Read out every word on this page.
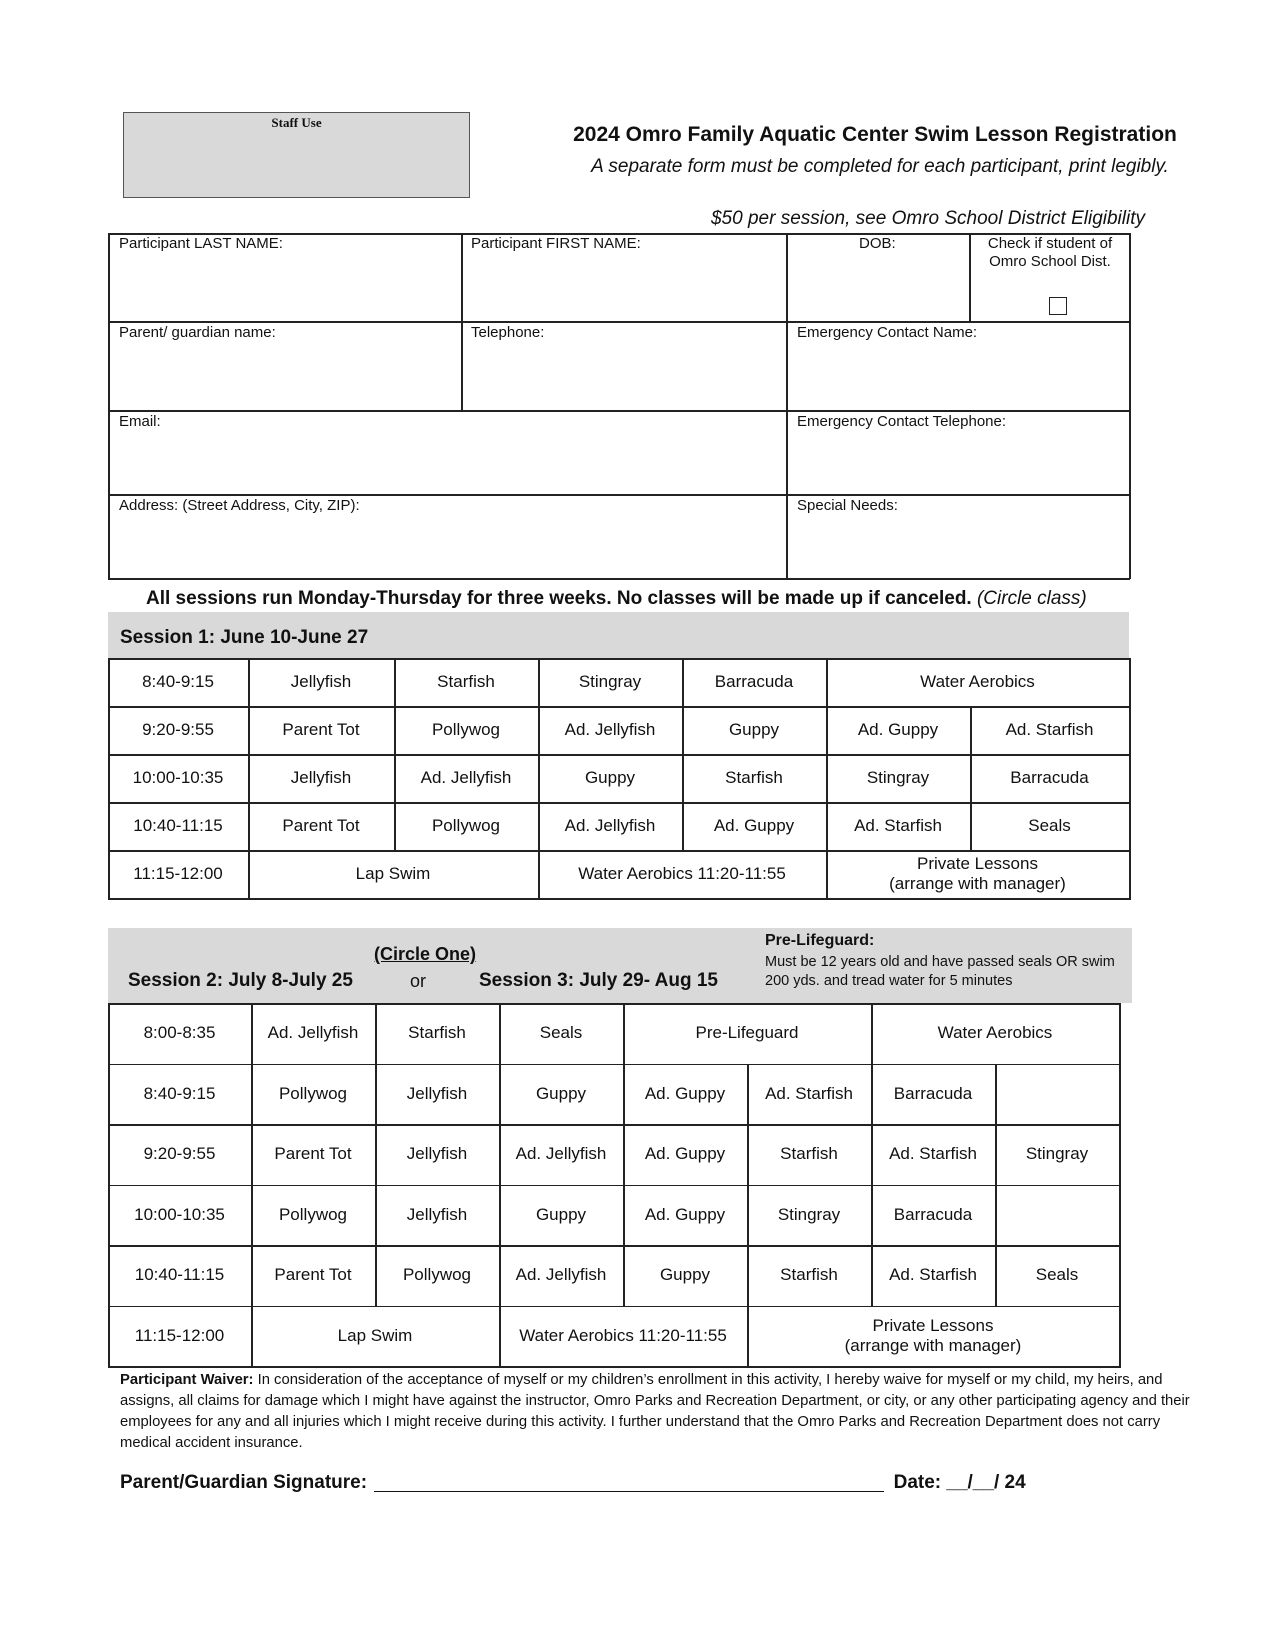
Staff Use
2024 Omro Family Aquatic Center Swim Lesson Registration
A separate form must be completed for each participant, print legibly.
$50 per session, see Omro School District Eligibility
Participant LAST NAME:	Participant FIRST NAME:	DOB:	Check if student of Omro School Dist.
Parent/ guardian name:	Telephone:	Emergency Contact Name:
Email:	Emergency Contact Telephone:
Address: (Street Address, City, ZIP):	Special Needs:
All sessions run Monday-Thursday for three weeks. No classes will be made up if canceled. (Circle class)
Session 1: June 10-June 27
8:40-9:15	Jellyfish	Starfish	Stingray	Barracuda	Water Aerobics
9:20-9:55	Parent Tot	Pollywog	Ad. Jellyfish	Guppy	Ad. Guppy	Ad. Starfish
10:00-10:35	Jellyfish	Ad. Jellyfish	Guppy	Starfish	Stingray	Barracuda
10:40-11:15	Parent Tot	Pollywog	Ad. Jellyfish	Ad. Guppy	Ad. Starfish	Seals
11:15-12:00	Lap Swim	Water Aerobics 11:20-11:55
Private Lessons
(arrange with manager)
(Circle One)
Session 2: July 8-July 25	or	Session 3: July 29- Aug 15
Pre-Lifeguard:
Must be 12 years old and have passed seals OR swim 200 yds. and tread water for 5 minutes
8:00-8:35	Ad. Jellyfish	Starfish	Seals	Pre-Lifeguard	Water Aerobics
8:40-9:15	Pollywog	Jellyfish	Guppy	Ad. Guppy	Ad. Starfish	Barracuda
9:20-9:55	Parent Tot	Jellyfish	Ad. Jellyfish	Ad. Guppy	Starfish	Ad. Starfish	Stingray
10:00-10:35	Pollywog	Jellyfish	Guppy	Ad. Guppy	Stingray	Barracuda
10:40-11:15	Parent Tot	Pollywog	Ad. Jellyfish	Guppy	Starfish	Ad. Starfish	Seals
11:15-12:00	Lap Swim	Water Aerobics 11:20-11:55
Private Lessons
(arrange with manager)
Participant Waiver: In consideration of the acceptance of myself or my children’s enrollment in this activity, I hereby waive for myself or my child, my heirs, and assigns, all claims for damage which I might have against the instructor, Omro Parks and Recreation Department, or city, or any other participating agency and their employees for any and all injuries which I might receive during this activity. I further understand that the Omro Parks and Recreation Department does not carry medical accident insurance.
Parent/Guardian Signature:	Date: __/__/ 24
